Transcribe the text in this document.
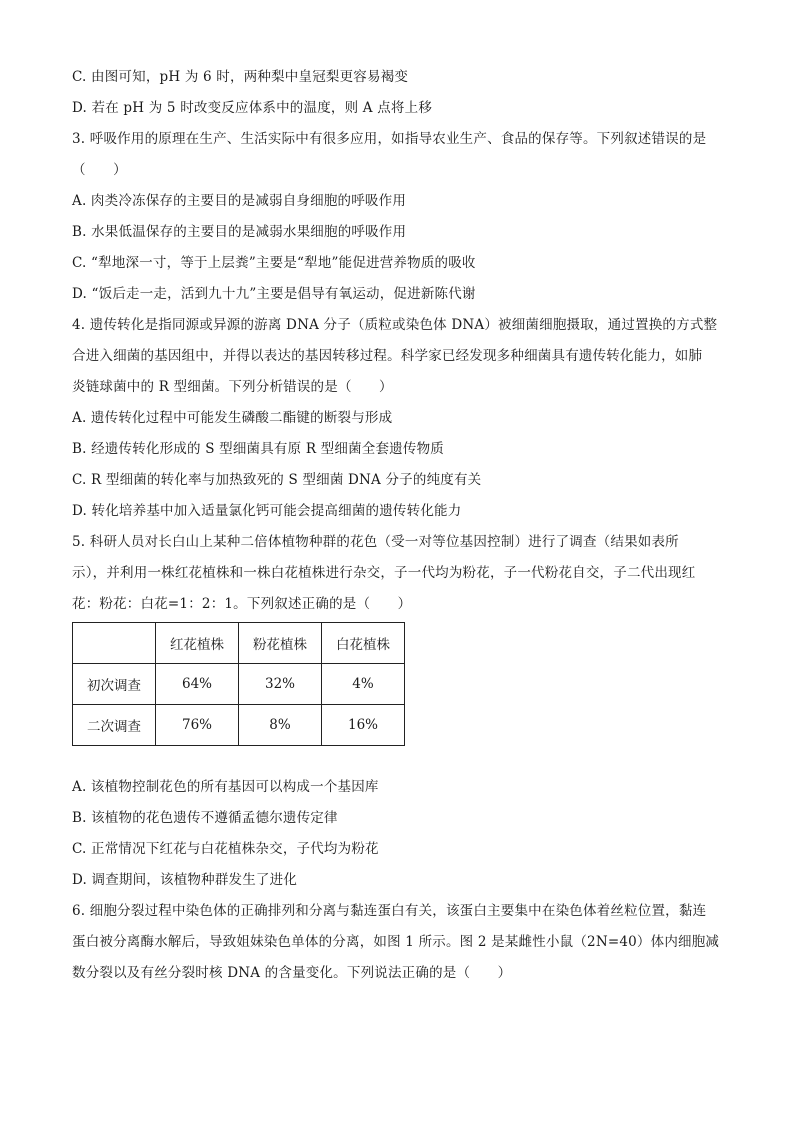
C. 由图可知，pH 为 6 时，两种梨中皇冠梨更容易褐变
D. 若在 pH 为 5 时改变反应体系中的温度，则 A 点将上移
3. 呼吸作用的原理在生产、生活实际中有很多应用，如指导农业生产、食品的保存等。下列叙述错误的是
（　　）
A. 肉类冷冻保存的主要目的是减弱自身细胞的呼吸作用
B. 水果低温保存的主要目的是减弱水果细胞的呼吸作用
C. “犁地深一寸，等于上层粪”主要是“犁地”能促进营养物质的吸收
D. “饭后走一走，活到九十九”主要是倡导有氧运动，促进新陈代谢
4. 遗传转化是指同源或异源的游离 DNA 分子（质粒或染色体 DNA）被细菌细胞摄取，通过置换的方式整
合进入细菌的基因组中，并得以表达的基因转移过程。科学家已经发现多种细菌具有遗传转化能力，如肺
炎链球菌中的 R 型细菌。下列分析错误的是（　　）
A. 遗传转化过程中可能发生磷酸二酯键的断裂与形成
B. 经遗传转化形成的 S 型细菌具有原 R 型细菌全套遗传物质
C. R 型细菌的转化率与加热致死的 S 型细菌 DNA 分子的纯度有关
D. 转化培养基中加入适量氯化钙可能会提高细菌的遗传转化能力
5. 科研人员对长白山上某种二倍体植物种群的花色（受一对等位基因控制）进行了调查（结果如表所
示），并利用一株红花植株和一株白花植株进行杂交，子一代均为粉花，子一代粉花自交，子二代出现红
花：粉花：白花=1：2：1。下列叙述正确的是（　　）
	红花植株	粉花植株	白花植株
初次调查	64%	32%	4%
二次调查	76%	8%	16%
A. 该植物控制花色的所有基因可以构成一个基因库
B. 该植物的花色遗传不遵循孟德尔遗传定律
C. 正常情况下红花与白花植株杂交，子代均为粉花
D. 调查期间，该植物种群发生了进化
6. 细胞分裂过程中染色体的正确排列和分离与黏连蛋白有关，该蛋白主要集中在染色体着丝粒位置，黏连
蛋白被分离酶水解后，导致姐妹染色单体的分离，如图 1 所示。图 2 是某雌性小鼠（2N=40）体内细胞减
数分裂以及有丝分裂时核 DNA 的含量变化。下列说法正确的是（　　）
